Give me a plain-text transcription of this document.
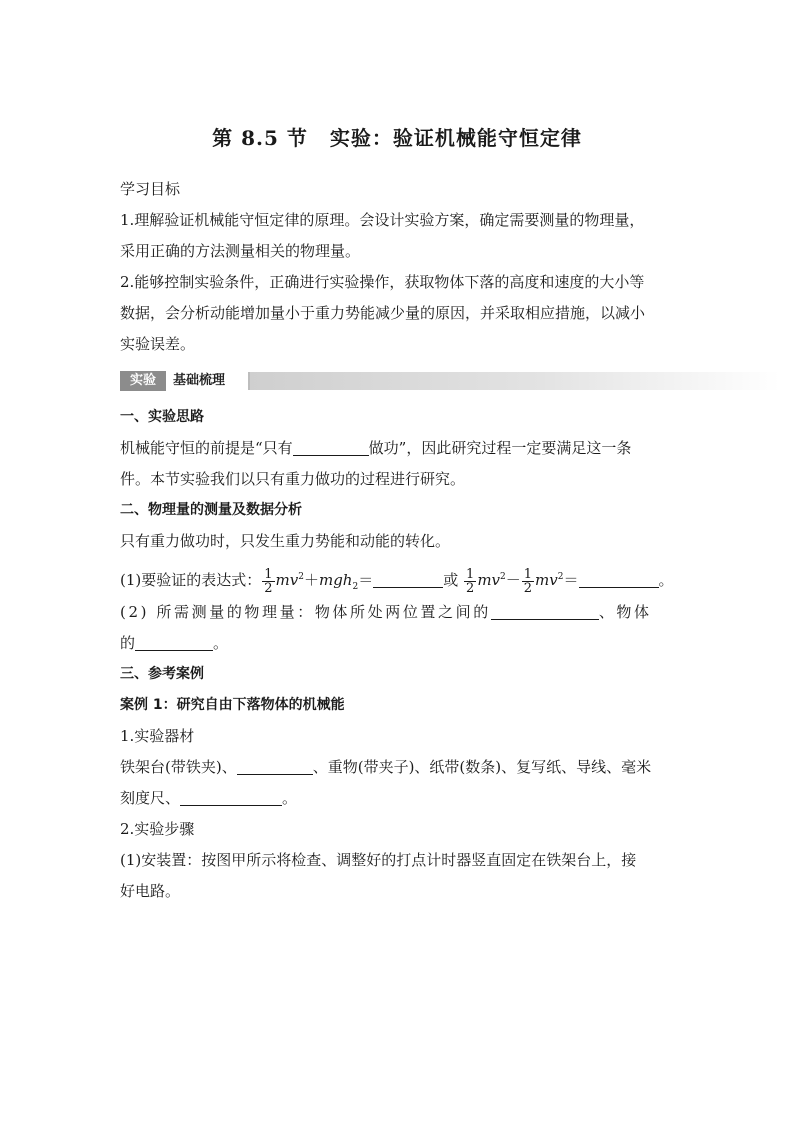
第 8.5 节 实验：验证机械能守恒定律
学习目标
1.理解验证机械能守恒定律的原理。会设计实验方案，确定需要测量的物理量，
采用正确的方法测量相关的物理量。
2.能够控制实验条件，正确进行实验操作，获取物体下落的高度和速度的大小等
数据，会分析动能增加量小于重力势能减少量的原因，并采取相应措施，以减小
实验误差。
实验	基础梳理
一、实验思路
机械能守恒的前提是“只有	做功”，因此研究过程一定要满足这一条
件。本节实验我们以只有重力做功的过程进行研究。
二、物理量的测量及数据分析
只有重力做功时，只发生重力势能和动能的转化。
(1)要验证的表达式： $\frac{1}{2} mv^2+mgh_2=$	或 $\frac{1}{2} mv^2- \frac{1}{2} mv^2=$	。
(2) 所需测量的物理量：物体所处两位置之间的	、物体
的	。
三、参考案例
案例 1：研究自由下落物体的机械能
1.实验器材
铁架台(带铁夹)、	、重物(带夹子)、纸带(数条)、复写纸、导线、毫米
刻度尺、	。
2.实验步骤
(1)安装置：按图甲所示将检查、调整好的打点计时器竖直固定在铁架台上，接
好电路。
